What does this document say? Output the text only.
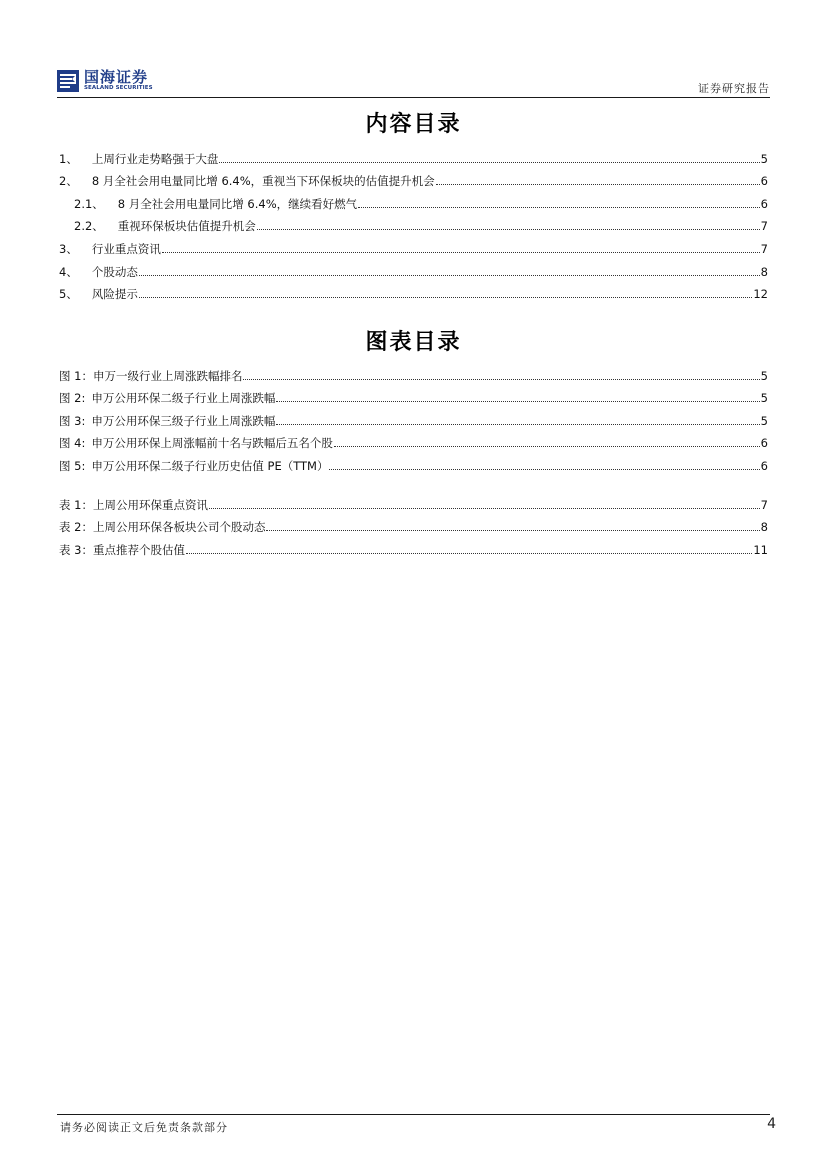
国海证券
SEALAND SECURITIES	证券研究报告
内容目录
1、 上周行业走势略强于大盘	5
2、 8 月全社会用电量同比增 6.4%，重视当下环保板块的估值提升机会	6
2.1、 8 月全社会用电量同比增 6.4%，继续看好燃气	6
2.2、 重视环保板块估值提升机会	7
3、 行业重点资讯	7
4、 个股动态	8
5、 风险提示	12
图表目录
图 1： 申万一级行业上周涨跌幅排名	5
图 2: 申万公用环保二级子行业上周涨跌幅	5
图 3: 申万公用环保三级子行业上周涨跌幅	5
图 4: 申万公用环保上周涨幅前十名与跌幅后五名个股	6
图 5: 申万公用环保二级子行业历史估值 PE（TTM）	6
表 1： 上周公用环保重点资讯	7
表 2： 上周公用环保各板块公司个股动态	8
表 3： 重点推荐个股估值	11
请务必阅读正文后免责条款部分	4
